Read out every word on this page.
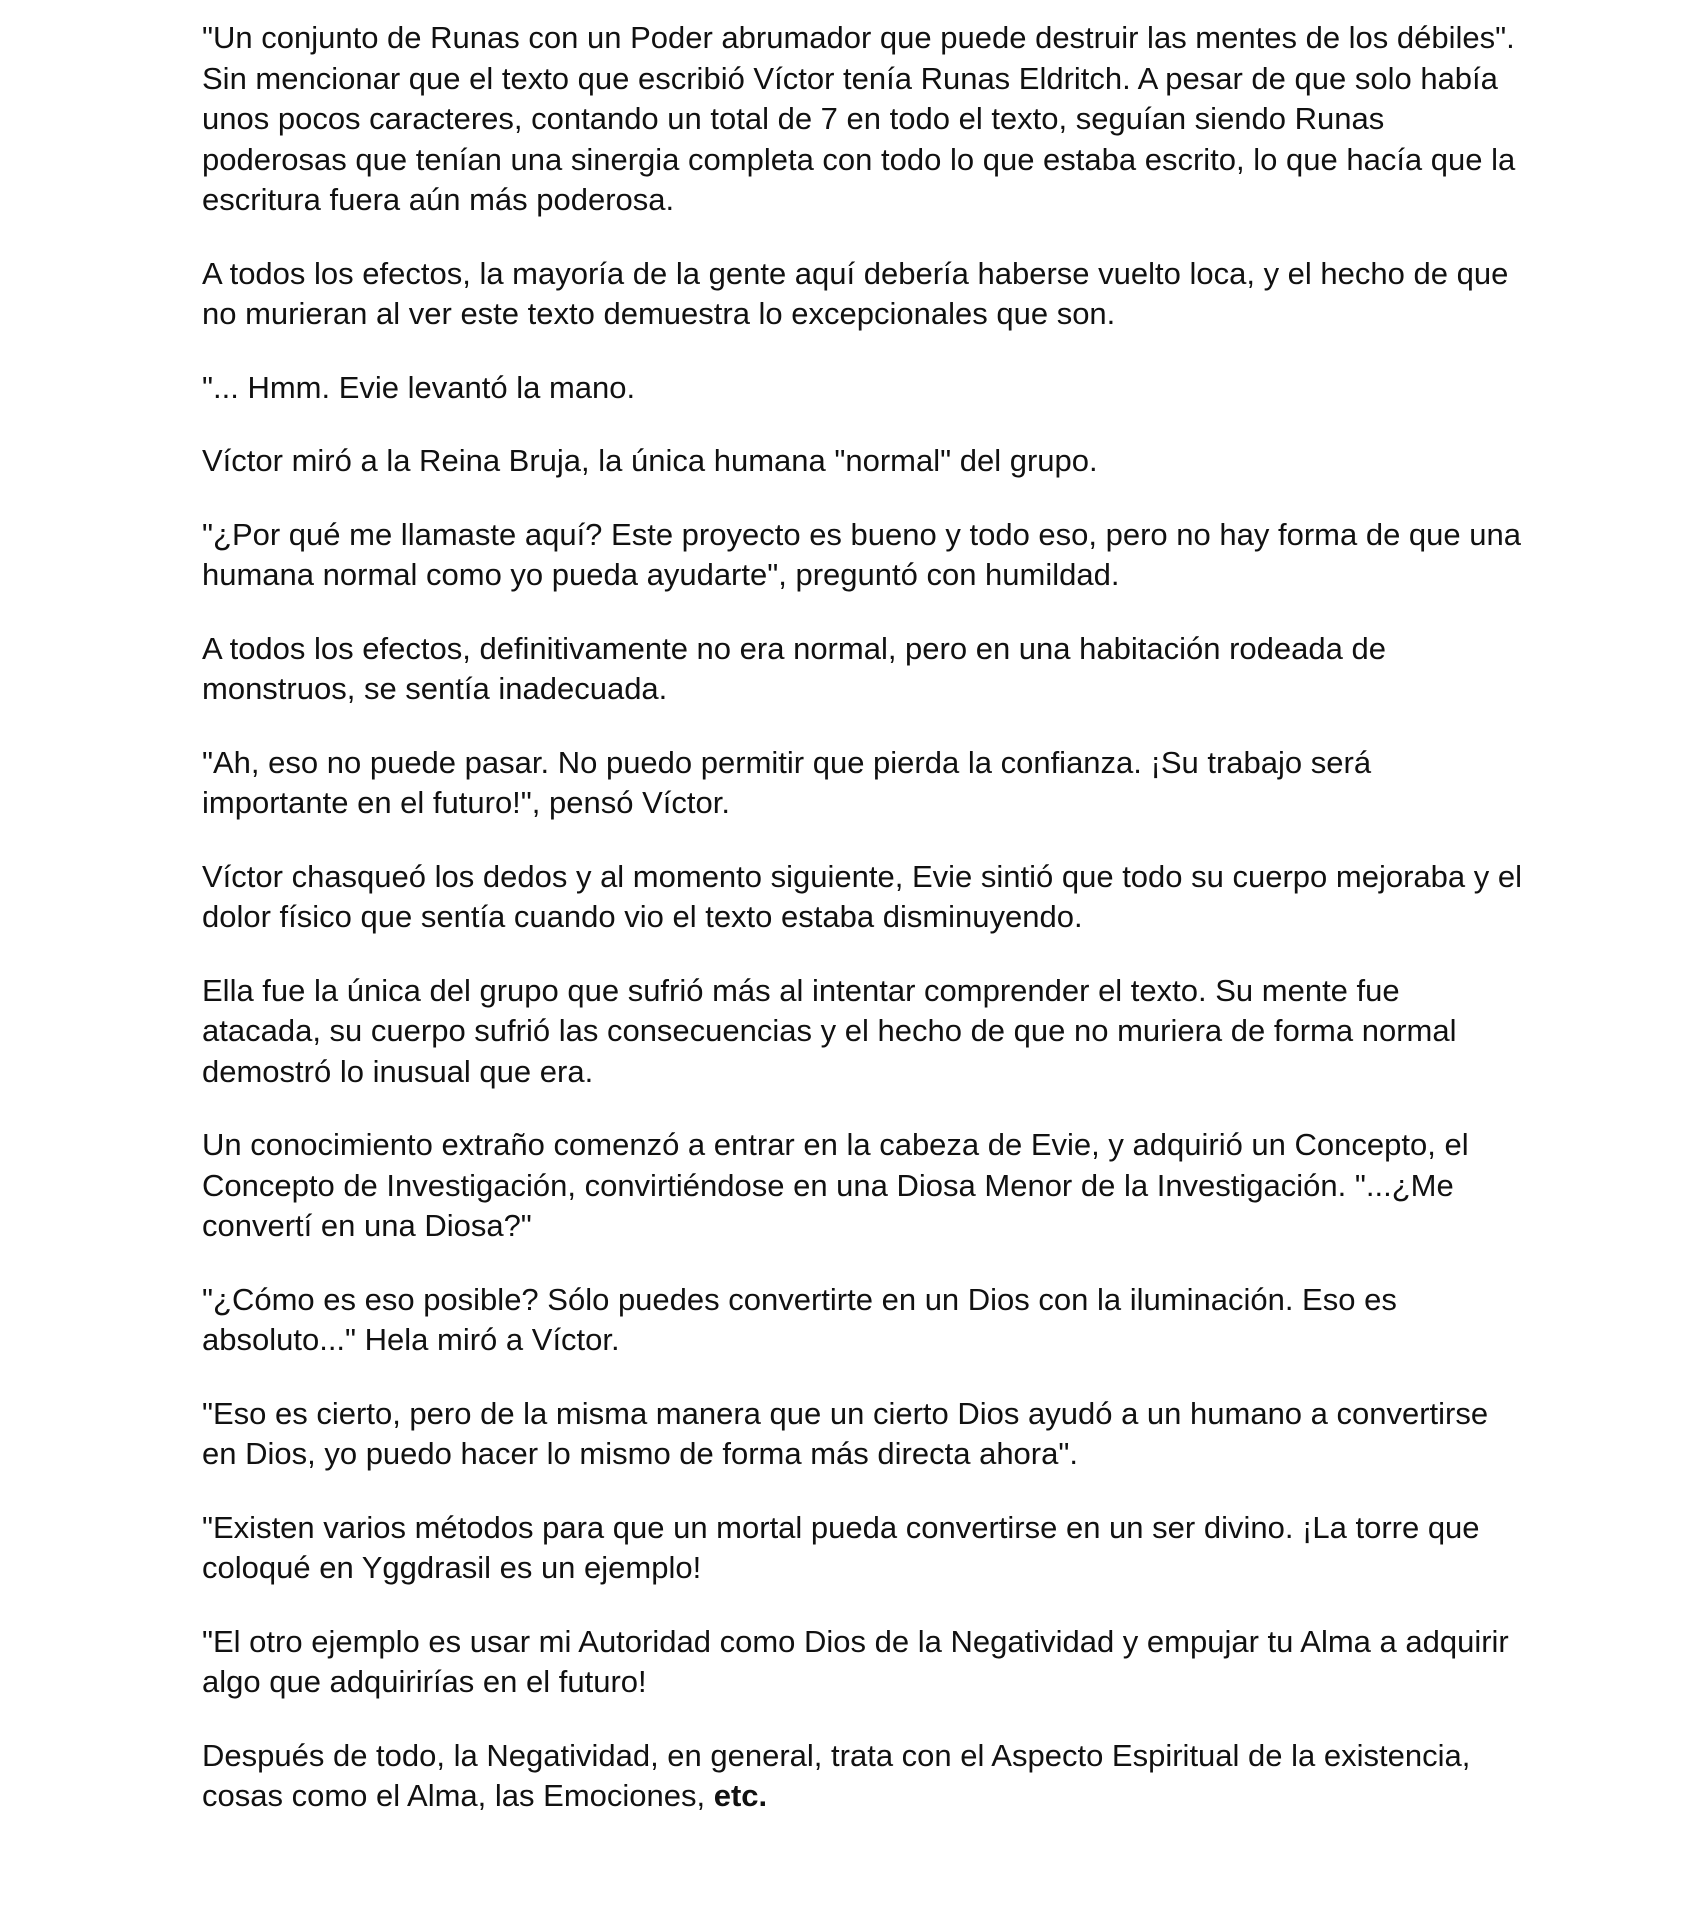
"Un conjunto de Runas con un Poder abrumador que puede destruir las mentes de los débiles". Sin mencionar que el texto que escribió Víctor tenía Runas Eldritch. A pesar de que solo había unos pocos caracteres, contando un total de 7 en todo el texto, seguían siendo Runas poderosas que tenían una sinergia completa con todo lo que estaba escrito, lo que hacía que la escritura fuera aún más poderosa.

A todos los efectos, la mayoría de la gente aquí debería haberse vuelto loca, y el hecho de que no murieran al ver este texto demuestra lo excepcionales que son.

"... Hmm. Evie levantó la mano.

Víctor miró a la Reina Bruja, la única humana "normal" del grupo.

"¿Por qué me llamaste aquí? Este proyecto es bueno y todo eso, pero no hay forma de que una humana normal como yo pueda ayudarte", preguntó con humildad.

A todos los efectos, definitivamente no era normal, pero en una habitación rodeada de monstruos, se sentía inadecuada.

"Ah, eso no puede pasar. No puedo permitir que pierda la confianza. ¡Su trabajo será importante en el futuro!", pensó Víctor.

Víctor chasqueó los dedos y al momento siguiente, Evie sintió que todo su cuerpo mejoraba y el dolor físico que sentía cuando vio el texto estaba disminuyendo.

Ella fue la única del grupo que sufrió más al intentar comprender el texto. Su mente fue atacada, su cuerpo sufrió las consecuencias y el hecho de que no muriera de forma normal demostró lo inusual que era.

Un conocimiento extraño comenzó a entrar en la cabeza de Evie, y adquirió un Concepto, el Concepto de Investigación, convirtiéndose en una Diosa Menor de la Investigación. "...¿Me convertí en una Diosa?"

"¿Cómo es eso posible? Sólo puedes convertirte en un Dios con la iluminación. Eso es absoluto..." Hela miró a Víctor.

"Eso es cierto, pero de la misma manera que un cierto Dios ayudó a un humano a convertirse en Dios, yo puedo hacer lo mismo de forma más directa ahora".

"Existen varios métodos para que un mortal pueda convertirse en un ser divino. ¡La torre que coloqué en Yggdrasil es un ejemplo!

"El otro ejemplo es usar mi Autoridad como Dios de la Negatividad y empujar tu Alma a adquirir algo que adquirirías en el futuro!

Después de todo, la Negatividad, en general, trata con el Aspecto Espiritual de la existencia, cosas como el Alma, las Emociones, etc.
